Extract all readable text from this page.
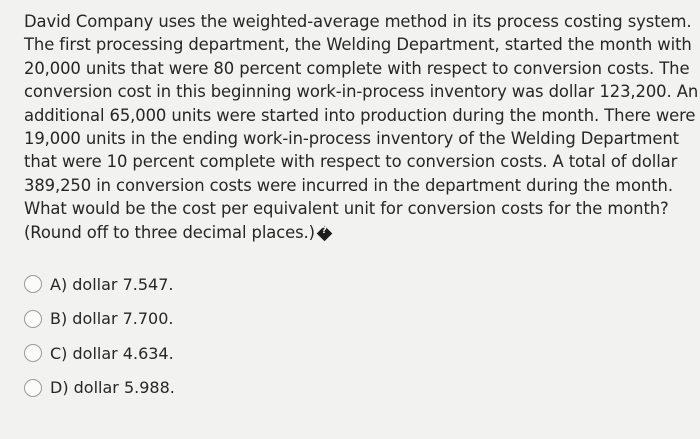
David Company uses the weighted-average method in its process costing system.
The first processing department, the Welding Department, started the month with
20,000 units that were 80 percent complete with respect to conversion costs. The
conversion cost in this beginning work-in-process inventory was dollar 123,200. An
additional 65,000 units were started into production during the month. There were
19,000 units in the ending work-in-process inventory of the Welding Department
that were 10 percent complete with respect to conversion costs. A total of dollar
389,250 in conversion costs were incurred in the department during the month.
What would be the cost per equivalent unit for conversion costs for the month?
(Round off to three decimal places.)?
A) dollar 7.547.
B) dollar 7.700.
C) dollar 4.634.
D) dollar 5.988.
